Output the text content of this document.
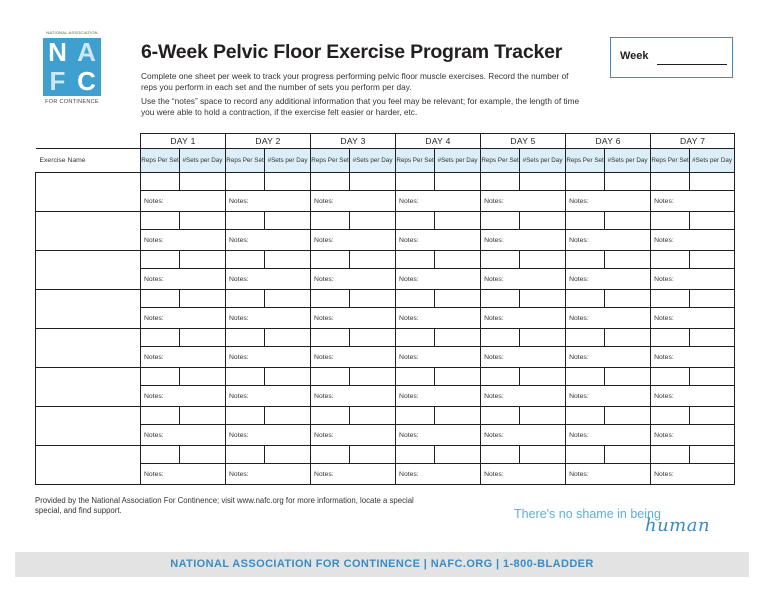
NATIONAL ASSOCIATION
N A
F C
FOR CONTINENCE
6-Week Pelvic Floor Exercise Program Tracker

Complete one sheet per week to track your progress performing pelvic floor muscle exercises. Record the number of reps you perform in each set and the number of sets you perform per day.

Use the “notes” space to record any additional information that you feel may be relevant; for example, the length of time you were able to hold a contraction, if the exercise felt easier or harder, etc.

Week
	DAY 1		DAY 2		DAY 3		DAY 4		DAY 5		DAY 6		DAY 7	
Exercise Name	Reps Per Set	#Sets per Day	Reps Per Set	#Sets per Day	Reps Per Set	#Sets per Day	Reps Per Set	#Sets per Day	Reps Per Set	#Sets per Day	Reps Per Set	#Sets per Day	Reps Per Set	#Sets per Day

	Notes:		Notes:		Notes:		Notes:		Notes:		Notes:		Notes:	

	Notes:		Notes:		Notes:		Notes:		Notes:		Notes:		Notes:	

	Notes:		Notes:		Notes:		Notes:		Notes:		Notes:		Notes:	

	Notes:		Notes:		Notes:		Notes:		Notes:		Notes:		Notes:	

	Notes:		Notes:		Notes:		Notes:		Notes:		Notes:		Notes:	

	Notes:		Notes:		Notes:		Notes:		Notes:		Notes:		Notes:	

	Notes:		Notes:		Notes:		Notes:		Notes:		Notes:		Notes:	

	Notes:		Notes:		Notes:		Notes:		Notes:		Notes:		Notes:	
Provided by the National Association For Continence; visit www.nafc.org for more information, locate a special special, and find support.	There's no shame in being
human
NATIONAL ASSOCIATION FOR CONTINENCE | NAFC.ORG | 1-800-BLADDER
